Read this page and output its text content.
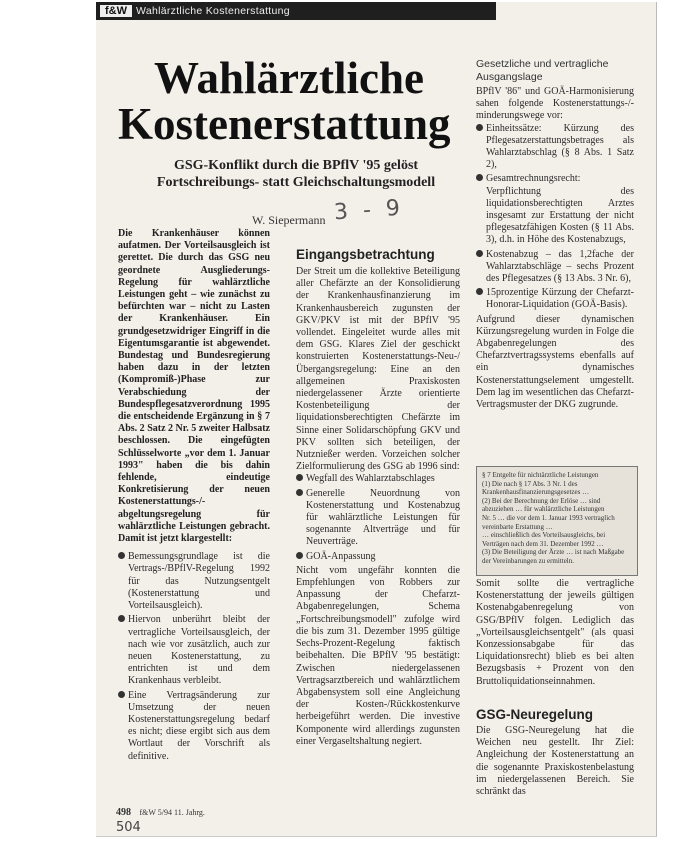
f&W Wahlärztliche Kostenerstattung
Wahlärztliche
Kostenerstattung
GSG-Konflikt durch die BPflV '95 gelöst
Fortschreibungs- statt Gleichschaltungsmodell
W. Siepermann 3 - 9

Die Krankenhäuser können aufatmen. Der Vorteilsausgleich ist gerettet. Die durch das GSG neu geordnete Ausgliederungs-Regelung für wahlärztliche Leistungen geht – wie zunächst zu befürchten war – nicht zu Lasten der Krankenhäuser. Ein grundgesetzwidriger Eingriff in die Eigentumsgarantie ist abgewendet. Bundestag und Bundesregierung haben dazu in der letzten (Kompromiß-)Phase zur Verabschiedung der Bundespflegesatzverordnung 1995 die entscheidende Ergänzung in § 7 Abs. 2 Satz 2 Nr. 5 zweiter Halbsatz beschlossen. Die eingefügten Schlüsselworte „vor dem 1. Januar 1993" haben die bis dahin fehlende, eindeutige Konkretisierung der neuen Kostenerstattungs-/-abgeltungsregelung für wahlärztliche Leistungen gebracht. Damit ist jetzt klargestellt:

Bemessungsgrundlage ist die Vertrags-/BPflV-Regelung 1992 für das Nutzungsentgelt (Kostenerstattung und Vorteilsausgleich).

Hiervon unberührt bleibt der vertragliche Vorteilsausgleich, der nach wie vor zusätzlich, auch zur neuen Kostenerstattung, zu entrichten ist und dem Krankenhaus verbleibt.

Eine Vertragsänderung zur Umsetzung der neuen Kostenerstattungsregelung bedarf es nicht; diese ergibt sich aus dem Wortlaut der Vorschrift als definitive.

Eingangsbetrachtung

Der Streit um die kollektive Beteiligung aller Chefärzte an der Konsolidierung der Krankenhausfinanzierung im Krankenhausbereich zugunsten der GKV/PKV ist mit der BPflV '95 vollendet. Eingeleitet wurde alles mit dem GSG. Klares Ziel der geschickt konstruierten Kostenerstattungs-Neu-/Übergangsregelung: Eine an den allgemeinen Praxiskosten niedergelassener Ärzte orientierte Kostenbeteiligung der liquidationsberechtigten Chefärzte im Sinne einer Solidarschöpfung GKV und PKV sollten sich beteiligen, der Nutznießer werden. Vorzeichen solcher Zielformulierung des GSG ab 1996 sind:

Wegfall des Wahlarztabschlages

Generelle Neuordnung von Kostenerstattung und Kostenabzug für wahlärztliche Leistungen für sogenannte Altverträge und für Neuverträge.

GOÄ-Anpassung

Nicht vom ungefähr konnten die Empfehlungen von Robbers zur Anpassung der Chefarzt-Abgabenregelungen, Schema „Fortschreibungsmodell" zufolge wird die bis zum 31. Dezember 1995 gültige Sechs-Prozent-Regelung faktisch beibehalten. Die BPflV '95 bestätigt: Zwischen niedergelassenen Vertragsarztbereich und wahlärztlichem Abgabensystem soll eine Angleichung der Kosten-/Rückkostenkurve herbeigeführt werden. Die investive Komponente wird allerdings zugunsten einer Vergaseltshaltung negiert.

Gesetzliche und vertragliche Ausgangslage

BPflV '86" und GOÄ-Harmonisierung sahen folgende Kostenerstattungs-/-minderungswege vor:

Einheitssätze: Kürzung des Pflegesatzerstattungsbetrages als Wahlarztabschlag (§ 8 Abs. 1 Satz 2),

Gesamtrechnungsrecht: Verpflichtung des liquidationsberechtigten Arztes insgesamt zur Erstattung der nicht pflegesatzfähigen Kosten (§ 11 Abs. 3), d.h. in Höhe des Kostenabzugs,

Kostenabzug – das 1,2fache der Wahlarztabschläge – sechs Prozent des Pflegesatzes (§ 13 Abs. 3 Nr. 6),

15prozentige Kürzung der Chefarzt-Honorar-Liquidation (GOÄ-Basis).

Aufgrund dieser dynamischen Kürzungsregelung wurden in Folge die Abgabenregelungen des Chefarztvertragssystems ebenfalls auf ein dynamisches Kostenerstattungselement umgestellt. Dem lag im wesentlichen das Chefarzt-Vertragsmuster der DKG zugrunde.

§ 7 Entgelte für nichtärztliche Leistungen
(1) Die nach § 17 Abs. 3 Nr. 1 des Krankenhausfinanzierungsgesetzes …
(2) Bei der Berechnung der Erlöse … sind abzuziehen … für wahlärztliche Leistungen
Nr. 5 … die vor dem 1. Januar 1993 vertraglich vereinbarte Erstattung …
… einschließlich des Vorteilsausgleichs, bei Verträgen nach dem 31. Dezember 1992 …
(3) Die Beteiligung der Ärzte … ist nach Maßgabe der Vereinbarungen zu ermitteln.

Somit sollte die vertragliche Kostenerstattung der jeweils gültigen Kostenabgabenregelung von GSG/BPflV folgen. Lediglich das „Vorteilsausgleichsentgelt" (als quasi Konzessionsabgabe für das Liquidationsrecht) blieb es bei alten Bezugsbasis + Prozent von den Bruttoliquidationseinnahmen.

GSG-Neuregelung

Die GSG-Neuregelung hat die Weichen neu gestellt. Ihr Ziel: Angleichung der Kostenerstattung an die sogenannte Praxiskostenbelastung im niedergelassenen Bereich. Sie schränkt das

498 f&W 5/94 11. Jahrg.
504
